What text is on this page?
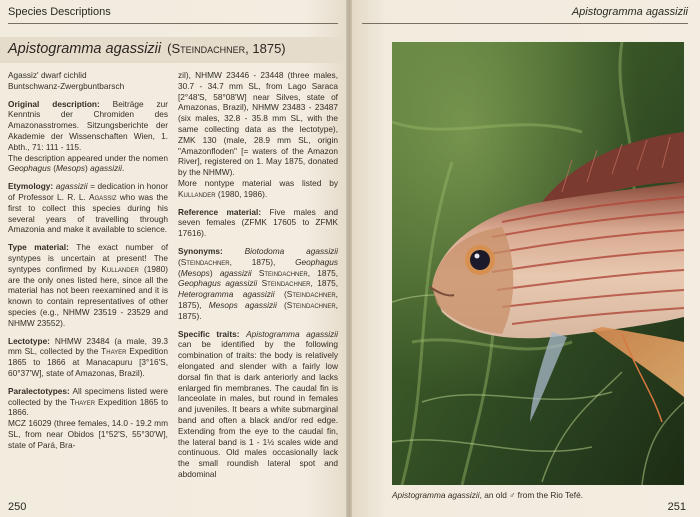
Species Descriptions
Apistogramma agassizii (Steindachner, 1875)

Agassiz' dwarf cichlid
Buntschwanz-Zwergbuntbarsch

Original description: Beiträge zur Kenntnis der Chromiden des Amazonasstromes. Sitzungsberichte der Akademie der Wissenschaften Wien, 1. Abth., 71: 111 - 115.
The description appeared under the nomen Geophagus (Mesops) agassizii.

Etymology: agassizii = dedication in honor of Professor L. R. L. Agassiz who was the first to collect this species during his several years of travelling through Amazonia and make it available to science.

Type material: The exact number of syntypes is uncertain at present! The syntypes confirmed by Kullander (1980) are the only ones listed here, since all the material has not been reexamined and it is known to contain representatives of other species (e.g., NHMW 23519 - 23529 and NHMW 23552).

Lectotype: NHMW 23484 (a male, 39.3 mm SL, collected by the Thayer Expedition 1865 to 1866 at Manacapuru [3°16'S, 60°37'W], state of Amazonas, Brazil).

Paralectotypes: All specimens listed were collected by the Thayer Expedition 1865 to 1866.
MCZ 16029 (three females, 14.0 - 19.2 mm SL, from near Obidos [1°52'S, 55°30'W], state of Pará, Bra-

zil), NHMW 23446 - 23448 (three males, 30.7 - 34.7 mm SL, from Lago Saraca [2°48'S, 58°08'W] near Silves, state of Amazonas, Brazil), NHMW 23483 - 23487 (six males, 32.8 - 35.8 mm SL, with the same collecting data as the lectotype), ZMK 130 (male, 28.9 mm SL, origin "Amazonfloden" [= waters of the Amazon River], registered on 1. May 1875, donated by the NHMW).
More nontype material was listed by Kullander (1980, 1986).

Reference material: Five males and seven females (ZFMK 17605 to ZFMK 17616).

Synonyms:	Biotodoma agassizii (Steindachner, 1875), Geophagus (Mesops) agassizii Steindachner, 1875, Geophagus agassizii Steindachner, 1875, Heterogramma agassizii (Steindachner, 1875), Mesops agassizii (Steindachner, 1875).

Specific traits: Apistogramma agassizii can be identified by the following combination of traits: the body is relatively elongated and slender with a fairly low dorsal fin that is dark anteriorly and lacks enlarged fin membranes. The caudal fin is lanceolate in males, but round in females and juveniles. It bears a white submarginal band and often a black and/or red edge. Extending from the eye to the caudal fin, the lateral band is 1 - 1½ scales wide and continuous. Old males occasionally lack the small roundish lateral spot and abdominal

250
Apistogramma agassizii
Apistogramma agassizii, an old ♂ from the Rio Tefé.
251
